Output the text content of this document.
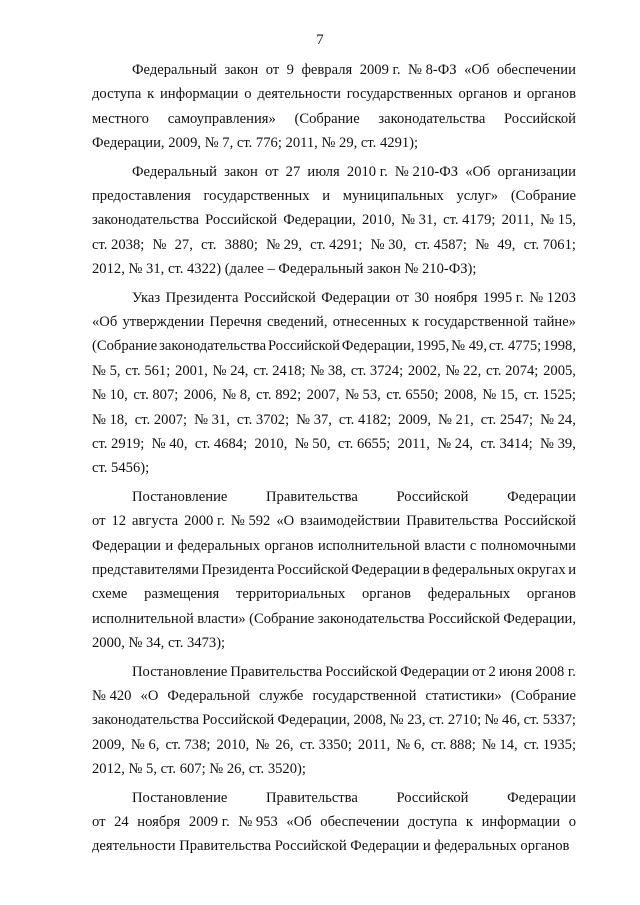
7
Федеральный закон от 9 февраля 2009 г. № 8-ФЗ «Об обеспечении
доступа к информации о деятельности государственных органов и органов
местного самоуправления» (Собрание законодательства Российской
Федерации, 2009, № 7, ст. 776; 2011, № 29, ст. 4291);
Федеральный закон от 27 июля 2010 г. № 210-ФЗ «Об организации
предоставления государственных и муниципальных услуг» (Собрание
законодательства Российской Федерации, 2010, № 31, ст. 4179; 2011, № 15,
ст. 2038; № 27, ст. 3880; № 29, ст. 4291; № 30, ст. 4587; № 49, ст. 7061;
2012, № 31, ст. 4322) (далее – Федеральный закон № 210-ФЗ);
Указ Президента Российской Федерации от 30 ноября 1995 г. № 1203
«Об утверждении Перечня сведений, отнесенных к государственной тайне»
(Собрание законодательства Российской Федерации, 1995, № 49, ст. 4775; 1998,
№ 5, ст. 561; 2001, № 24, ст. 2418; № 38, ст. 3724; 2002, № 22, ст. 2074; 2005,
№ 10, ст. 807; 2006, № 8, ст. 892; 2007, № 53, ст. 6550; 2008, № 15, ст. 1525;
№ 18, ст. 2007; № 31, ст. 3702; № 37, ст. 4182; 2009, № 21, ст. 2547; № 24,
ст. 2919; № 40, ст. 4684; 2010, № 50, ст. 6655; 2011, № 24, ст. 3414; № 39,
ст. 5456);
Постановление	Правительства	Российской	Федерации
от 12 августа 2000 г. № 592 «О взаимодействии Правительства Российской
Федерации и федеральных органов исполнительной власти с полномочными
представителями Президента Российской Федерации в федеральных округах и
схеме размещения территориальных органов федеральных органов
исполнительной власти» (Собрание законодательства Российской Федерации,
2000, № 34, ст. 3473);
Постановление Правительства Российской Федерации от 2 июня 2008 г.
№ 420 «О Федеральной службе государственной статистики» (Собрание
законодательства Российской Федерации, 2008, № 23, ст. 2710; № 46, ст. 5337;
2009, № 6, ст. 738; 2010, № 26, ст. 3350; 2011, № 6, ст. 888; № 14, ст. 1935;
2012, № 5, ст. 607; № 26, ст. 3520);
Постановление	Правительства	Российской	Федерации
от 24 ноября 2009 г. № 953 «Об обеспечении доступа к информации о
деятельности Правительства Российской Федерации и федеральных органов
